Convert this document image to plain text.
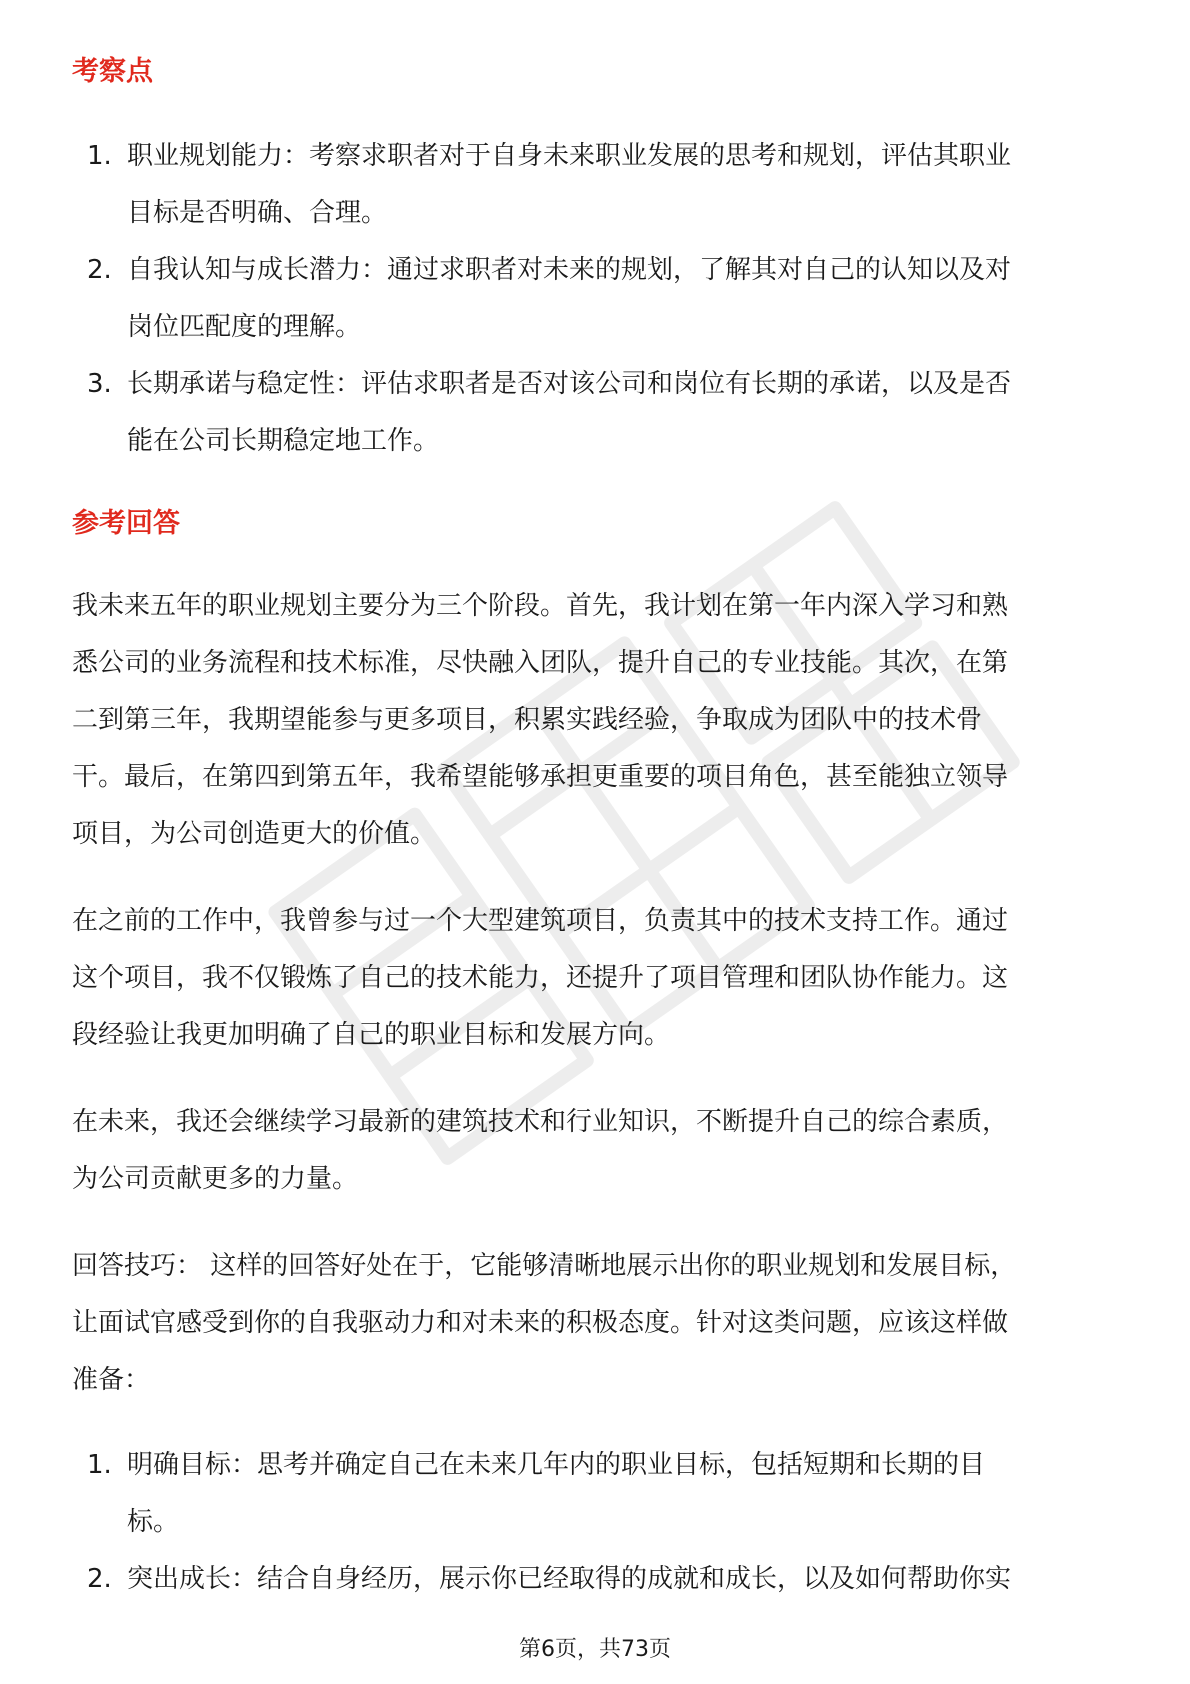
考察点
1. 职业规划能力：考察求职者对于自身未来职业发展的思考和规划，评估其职业
目标是否明确、合理。
2. 自我认知与成长潜力：通过求职者对未来的规划，了解其对自己的认知以及对
岗位匹配度的理解。
3. 长期承诺与稳定性：评估求职者是否对该公司和岗位有长期的承诺，以及是否
能在公司长期稳定地工作。
参考回答
我未来五年的职业规划主要分为三个阶段。首先，我计划在第一年内深入学习和熟
悉公司的业务流程和技术标准，尽快融入团队，提升自己的专业技能。其次，在第
二到第三年，我期望能参与更多项目，积累实践经验，争取成为团队中的技术骨
干。最后，在第四到第五年，我希望能够承担更重要的项目角色，甚至能独立领导
项目，为公司创造更大的价值。
在之前的工作中，我曾参与过一个大型建筑项目，负责其中的技术支持工作。通过
这个项目，我不仅锻炼了自己的技术能力，还提升了项目管理和团队协作能力。这
段经验让我更加明确了自己的职业目标和发展方向。
在未来，我还会继续学习最新的建筑技术和行业知识，不断提升自己的综合素质，
为公司贡献更多的力量。
回答技巧： 这样的回答好处在于，它能够清晰地展示出你的职业规划和发展目标，
让面试官感受到你的自我驱动力和对未来的积极态度。针对这类问题，应该这样做
准备：
1. 明确目标：思考并确定自己在未来几年内的职业目标，包括短期和长期的目
标。
2. 突出成长：结合自身经历，展示你已经取得的成就和成长，以及如何帮助你实
第6页，共73页
